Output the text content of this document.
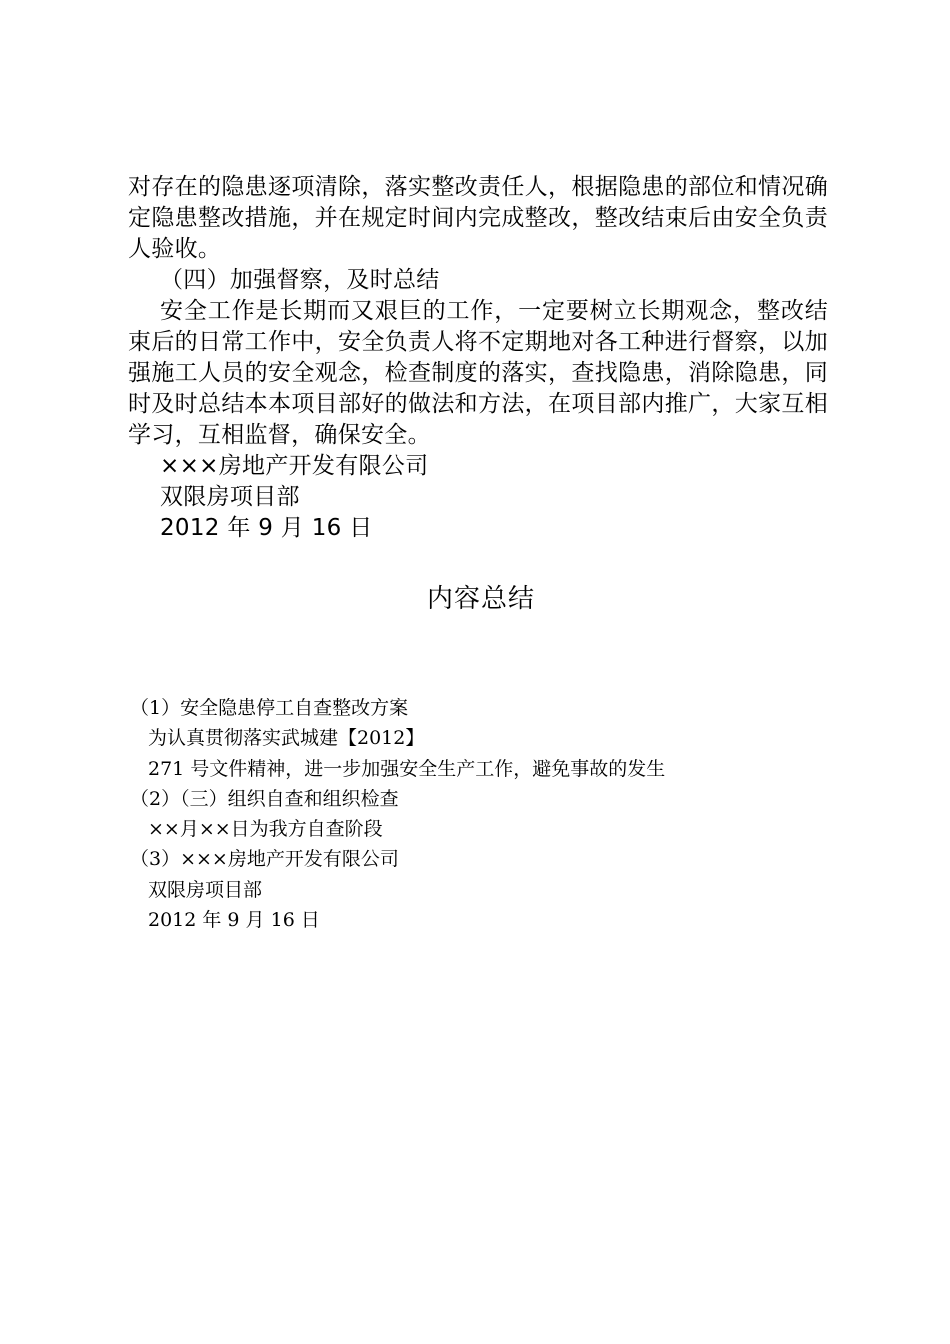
对存在的隐患逐项清除，落实整改责任人，根据隐患的部位和情况确定隐患整改措施，并在规定时间内完成整改，整改结束后由安全负责人验收。

（四）加强督察，及时总结

安全工作是长期而又艰巨的工作，一定要树立长期观念，整改结束后的日常工作中，安全负责人将不定期地对各工种进行督察，以加强施工人员的安全观念，检查制度的落实，查找隐患，消除隐患，同时及时总结本本项目部好的做法和方法，在项目部内推广，大家互相学习，互相监督，确保安全。

×××房地产开发有限公司

双限房项目部

2012 年 9 月 16 日

内容总结

（1）安全隐患停工自查整改方案

为认真贯彻落实武城建【2012】

271 号文件精神，进一步加强安全生产工作，避免事故的发生

（2）（三）组织自查和组织检查

××月××日为我方自查阶段

（3）×××房地产开发有限公司

双限房项目部

2012 年 9 月 16 日
